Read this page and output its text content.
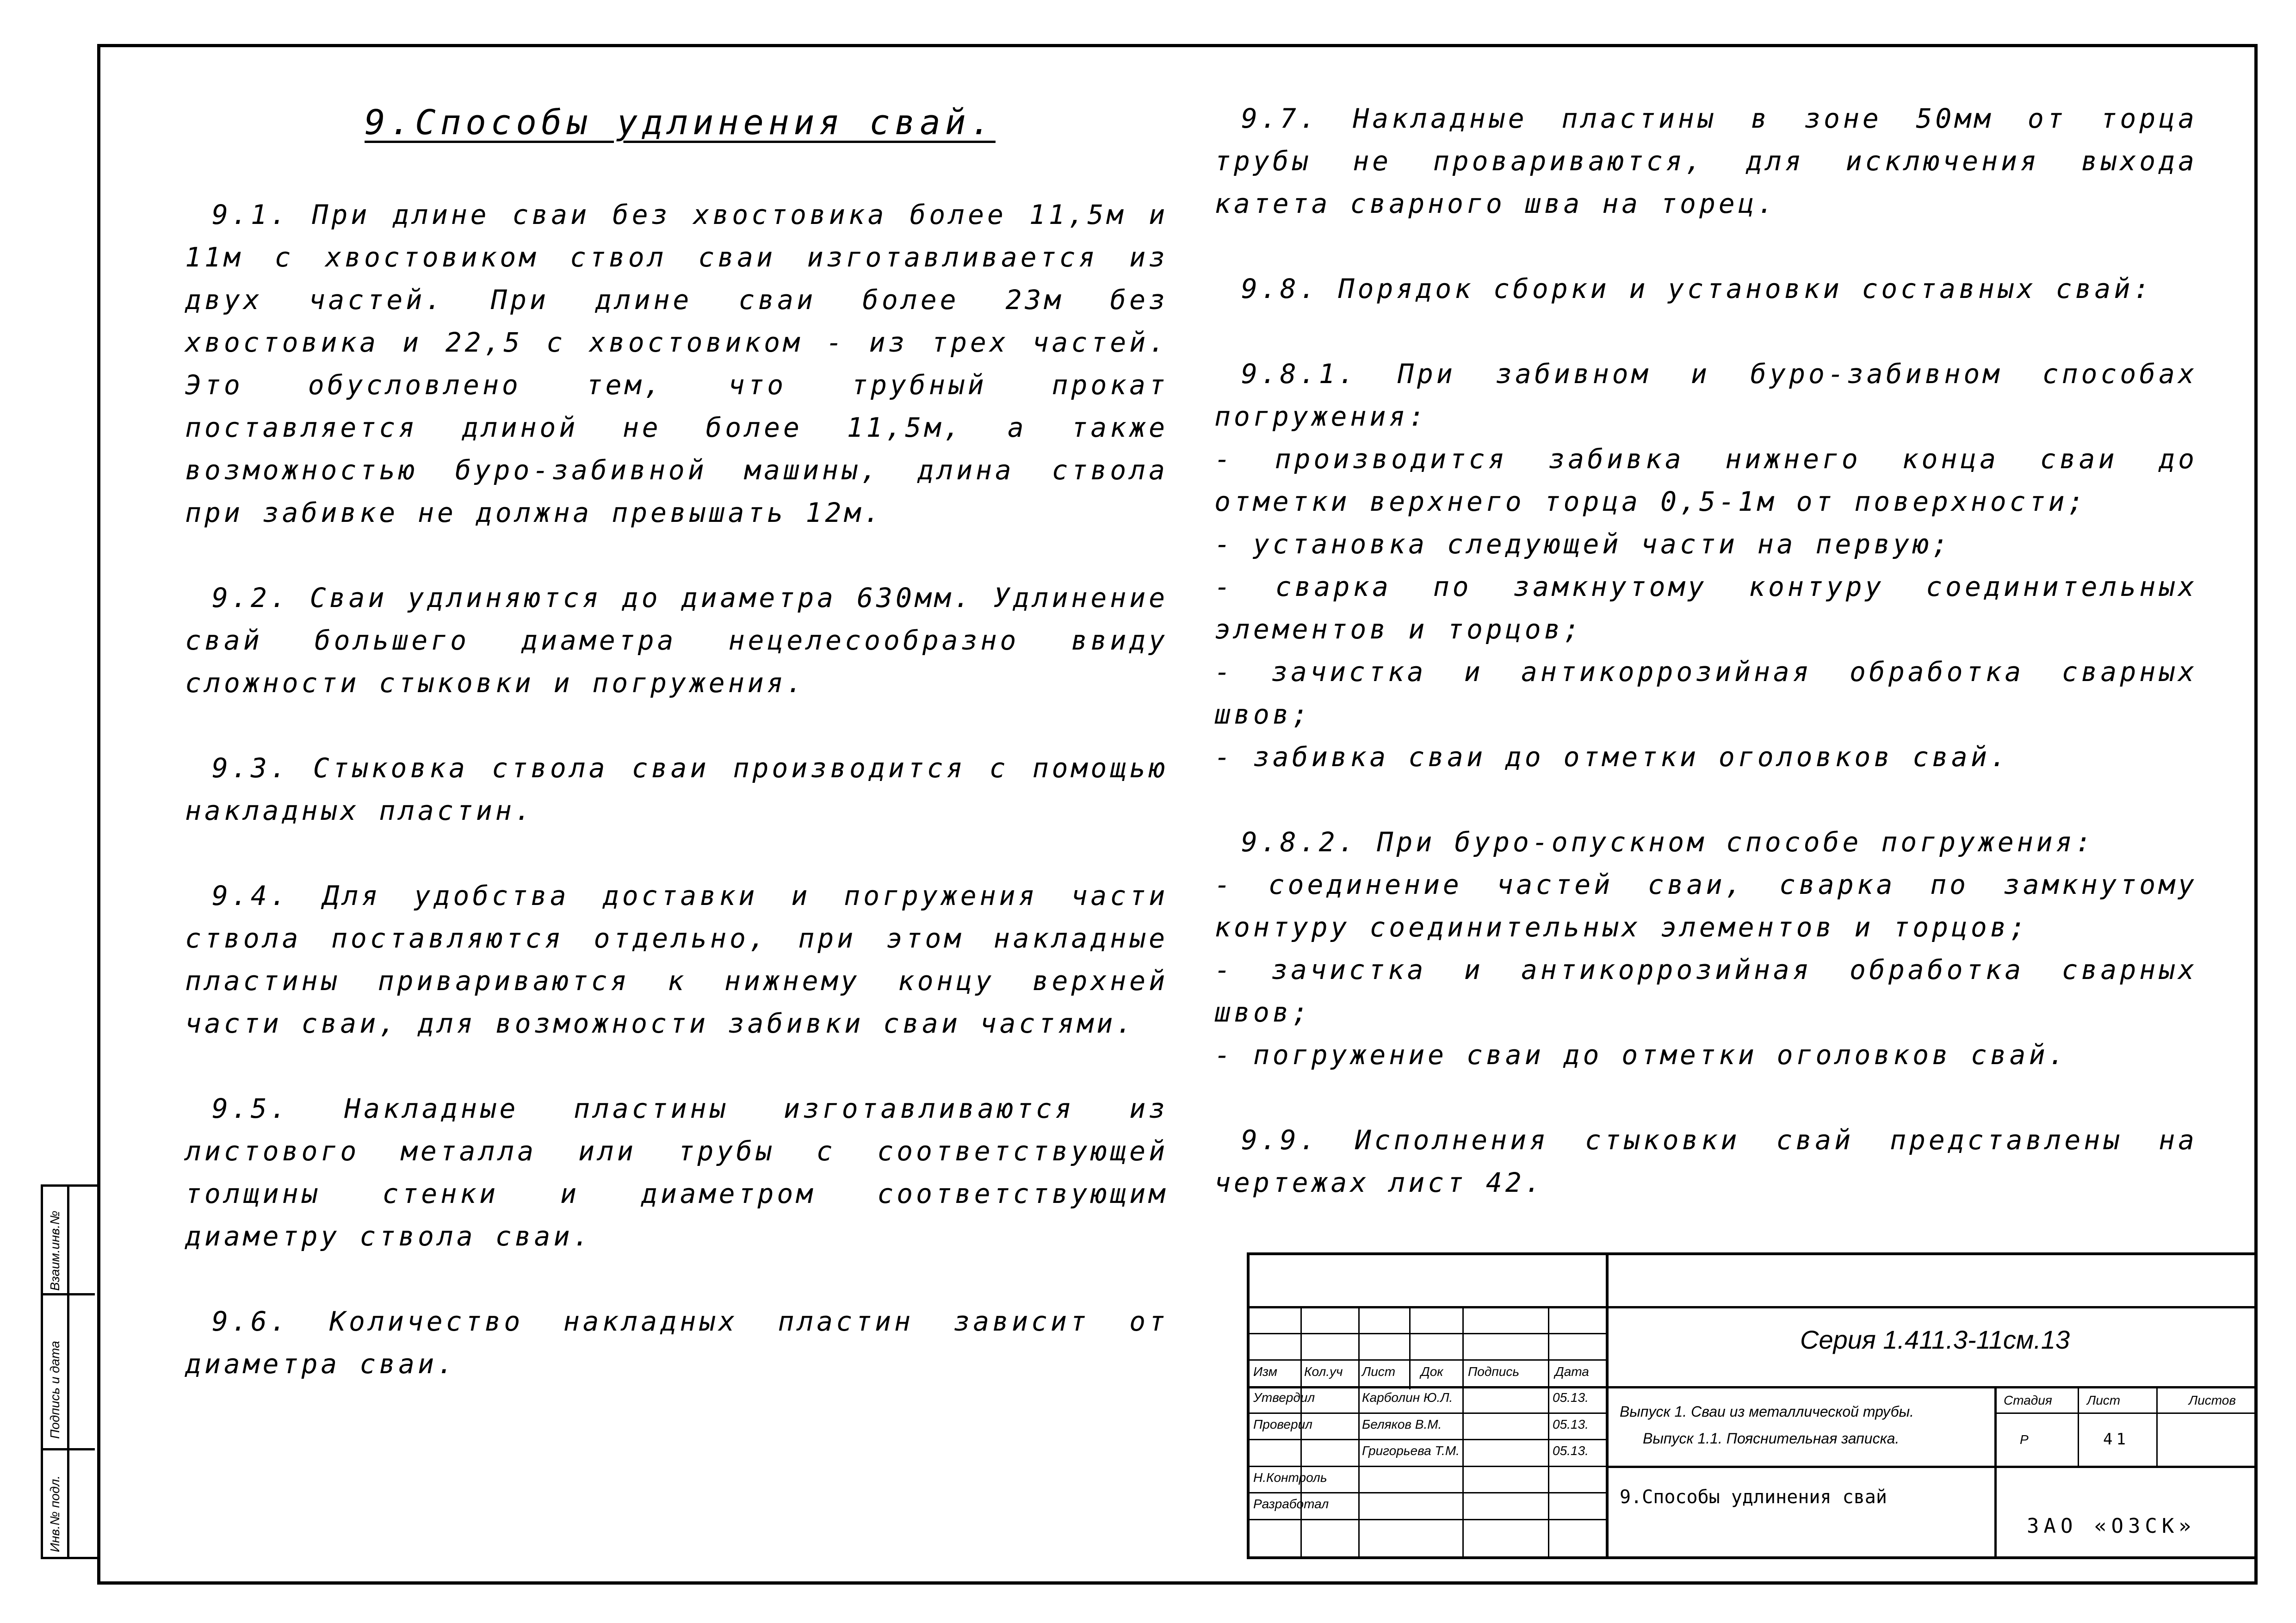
9.Способы удлинения свай.

9.1. При длине сваи без хвостовика более 11,5м и 11м с хвостовиком ствол сваи изготавливается из двух частей. При длине сваи более 23м без хвостовика и 22,5 с хвостовиком - из трех частей. Это обусловлено тем, что трубный прокат поставляется длиной не более 11,5м, а также возможностью буро-забивной машины, длина ствола при забивке не должна превышать 12м.

9.2. Сваи удлиняются до диаметра 630мм. Удлинение свай большего диаметра нецелесообразно ввиду сложности стыковки и погружения.

9.3. Стыковка ствола сваи производится с помощью накладных пластин.

9.4. Для удобства доставки и погружения части ствола поставляются отдельно, при этом накладные пластины привариваются к нижнему концу верхней части сваи, для возможности забивки сваи частями.

9.5. Накладные пластины изготавливаются из листового металла или трубы с соответствующей толщины стенки и диаметром соответствующим диаметру ствола сваи.

9.6. Количество накладных пластин зависит от диаметра сваи.

9.7. Накладные пластины в зоне 50мм от торца трубы не провариваются, для исключения выхода катета сварного шва на торец.

9.8. Порядок сборки и установки составных свай:

9.8.1. При забивном и буро-забивном способах погружения:

- производится забивка нижнего конца сваи до отметки верхнего торца 0,5-1м от поверхности;

- установка следующей части на первую;

- сварка по замкнутому контуру соединительных элементов и торцов;

- зачистка и антикоррозийная обработка сварных швов;

- забивка сваи до отметки оголовков свай.

9.8.2. При буро-опускном способе погружения:

- соединение частей сваи, сварка по замкнутому контуру соединительных элементов и торцов;

- зачистка и антикоррозийная обработка сварных швов;

- погружение сваи до отметки оголовков свай.

9.9. Исполнения стыковки свай представлены на чертежах лист 42.

Взаим.инв.№
Подпись и дата
Инв.№ подл.
Серия 1.411.3-11см.13
Изм Кол.уч Лист Док Подпись	Дата
Утвердил	Карболин Ю.Л.	05.13.
Проверил	Беляков В.М.	05.13.
Григорьева Т.М.	05.13.
Н.Контроль
Разработал
Выпуск 1. Сваи из металлической трубы.
Выпуск 1.1. Пояснительная записка.
Стадия	Лист	Листов
Р	41
9.Способы удлинения свай
ЗАО «ОЗСК»
